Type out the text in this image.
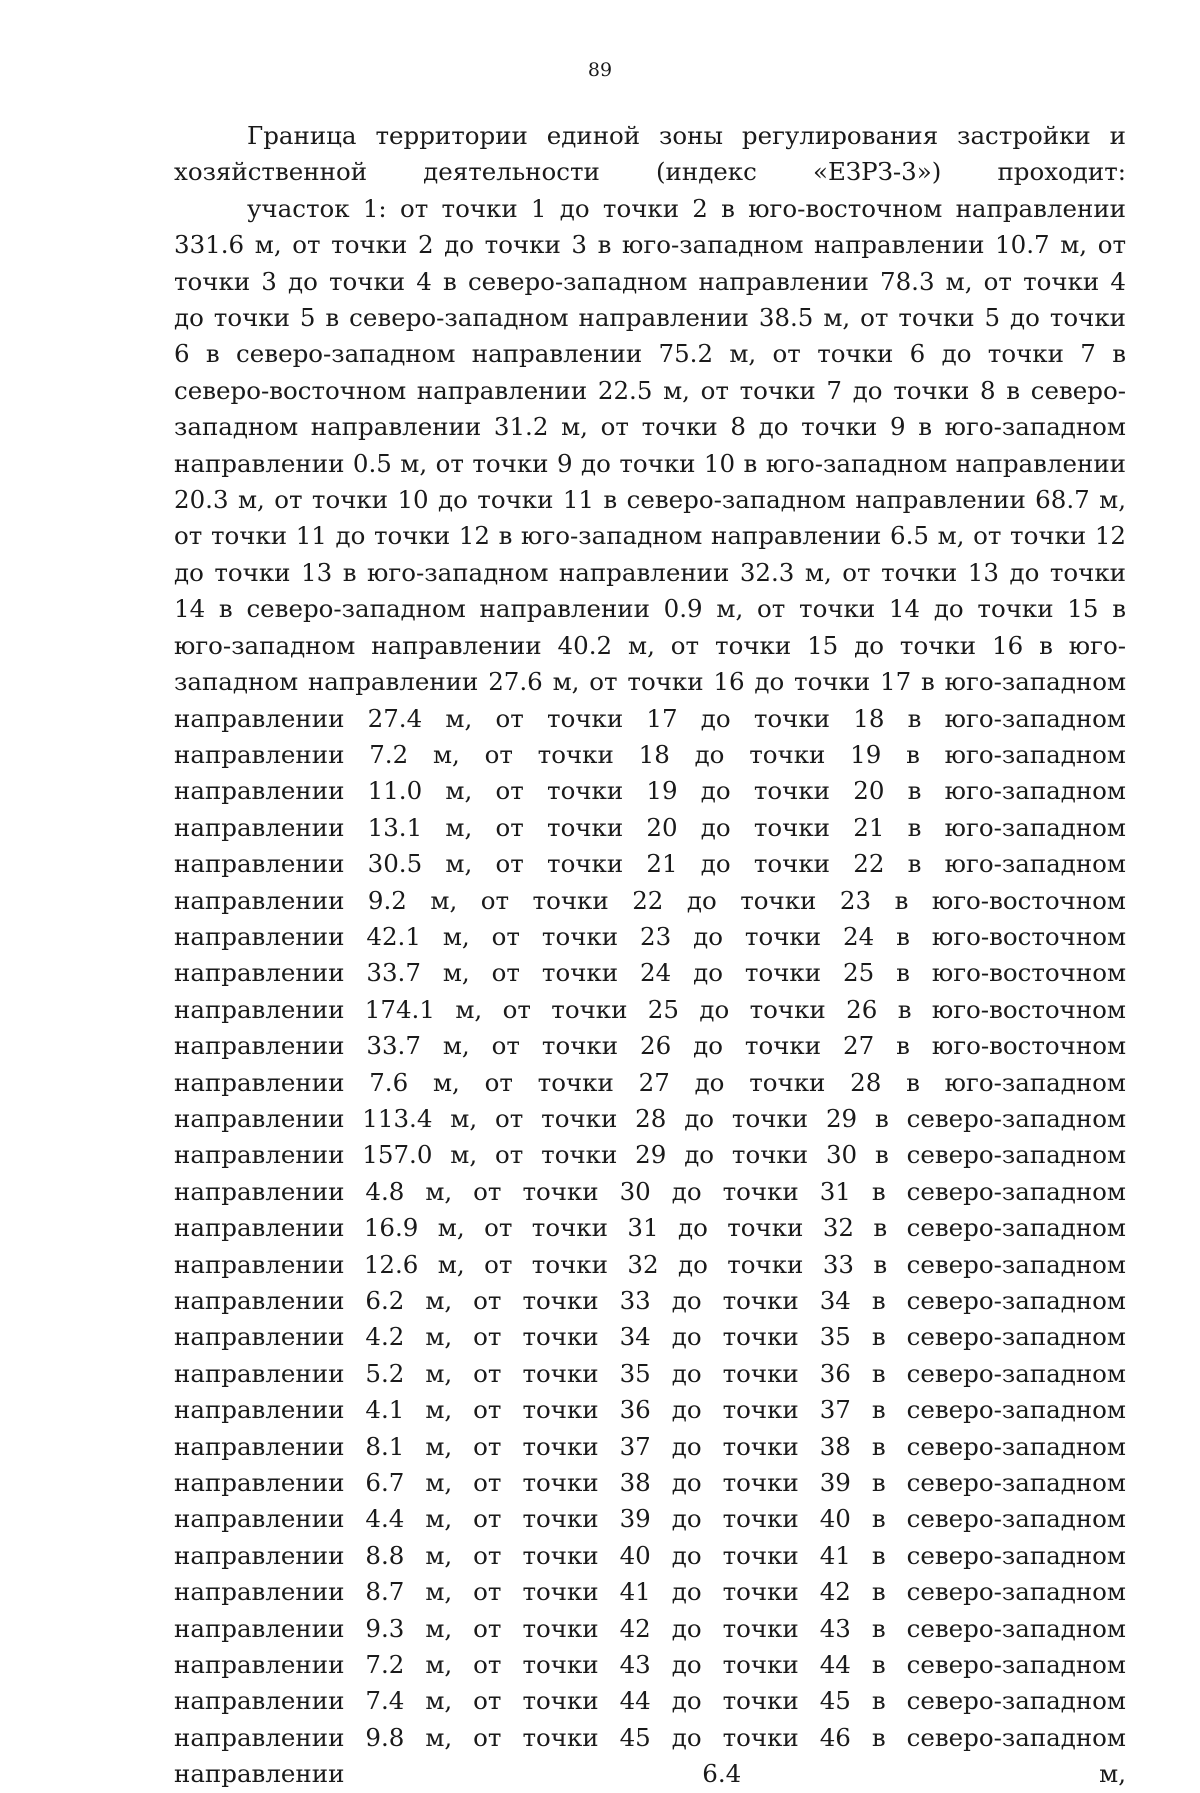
89

Граница территории единой зоны регулирования застройки и хозяйственной деятельности (индекс «ЕЗРЗ-3») проходит:

участок 1: от точки 1 до точки 2 в юго-восточном направлении 331.6 м, от точки 2 до точки 3 в юго-западном направлении 10.7 м, от точки 3 до точки 4 в северо-западном направлении 78.3 м, от точки 4 до точки 5 в северо-западном направлении 38.5 м, от точки 5 до точки 6 в северо-западном направлении 75.2 м, от точки 6 до точки 7 в северо-восточном направлении 22.5 м, от точки 7 до точки 8 в северо-западном направлении 31.2 м, от точки 8 до точки 9 в юго-западном направлении 0.5 м, от точки 9 до точки 10 в юго-западном направлении 20.3 м, от точки 10 до точки 11 в северо-западном направлении 68.7 м, от точки 11 до точки 12 в юго-западном направлении 6.5 м, от точки 12 до точки 13 в юго-западном направлении 32.3 м, от точки 13 до точки 14 в северо-западном направлении 0.9 м, от точки 14 до точки 15 в юго-западном направлении 40.2 м, от точки 15 до точки 16 в юго-западном направлении 27.6 м, от точки 16 до точки 17 в юго-западном направлении 27.4 м, от точки 17 до точки 18 в юго-западном направлении 7.2 м, от точки 18 до точки 19 в юго-западном направлении 11.0 м, от точки 19 до точки 20 в юго-западном направлении 13.1 м, от точки 20 до точки 21 в юго-западном направлении 30.5 м, от точки 21 до точки 22 в юго-западном направлении 9.2 м, от точки 22 до точки 23 в юго-восточном направлении 42.1 м, от точки 23 до точки 24 в юго-восточном направлении 33.7 м, от точки 24 до точки 25 в юго-восточном направлении 174.1 м, от точки 25 до точки 26 в юго-восточном направлении 33.7 м, от точки 26 до точки 27 в юго-восточном направлении 7.6 м, от точки 27 до точки 28 в юго-западном направлении 113.4 м, от точки 28 до точки 29 в северо-западном направлении 157.0 м, от точки 29 до точки 30 в северо-западном направлении 4.8 м, от точки 30 до точки 31 в северо-западном направлении 16.9 м, от точки 31 до точки 32 в северо-западном направлении 12.6 м, от точки 32 до точки 33 в северо-западном направлении 6.2 м, от точки 33 до точки 34 в северо-западном направлении 4.2 м, от точки 34 до точки 35 в северо-западном направлении 5.2 м, от точки 35 до точки 36 в северо-западном направлении 4.1 м, от точки 36 до точки 37 в северо-западном направлении 8.1 м, от точки 37 до точки 38 в северо-западном направлении 6.7 м, от точки 38 до точки 39 в северо-западном направлении 4.4 м, от точки 39 до точки 40 в северо-западном направлении 8.8 м, от точки 40 до точки 41 в северо-западном направлении 8.7 м, от точки 41 до точки 42 в северо-западном направлении 9.3 м, от точки 42 до точки 43 в северо-западном направлении 7.2 м, от точки 43 до точки 44 в северо-западном направлении 7.4 м, от точки 44 до точки 45 в северо-западном направлении 9.8 м, от точки 45 до точки 46 в северо-западном направлении 6.4 м,
